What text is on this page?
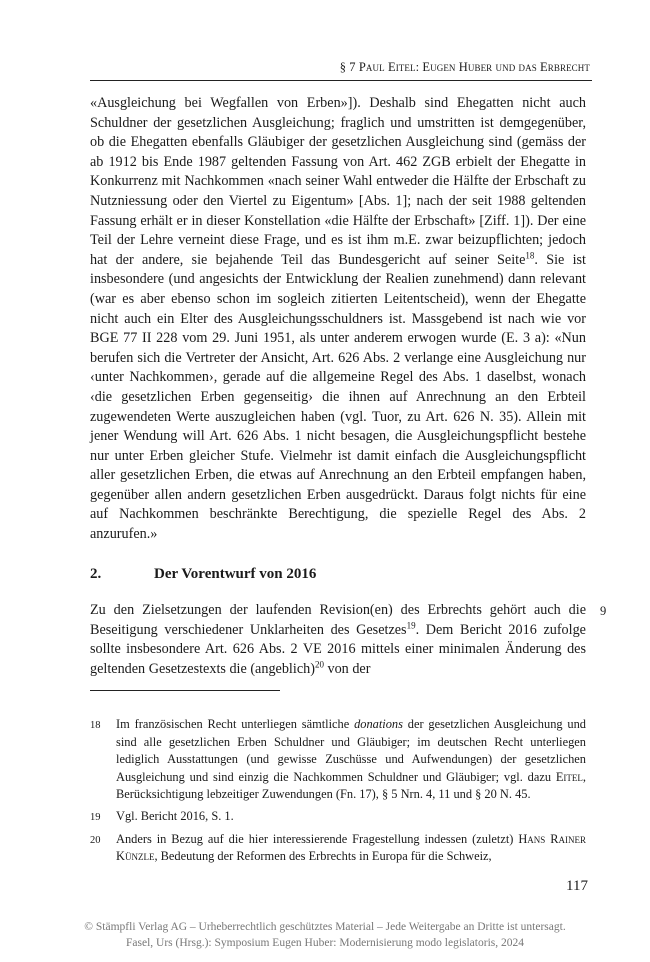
§ 7 Paul Eitel: Eugen Huber und das Erbrecht
«Ausgleichung bei Wegfallen von Erben»]). Deshalb sind Ehegatten nicht auch Schuldner der gesetzlichen Ausgleichung; fraglich und umstritten ist demgegenüber, ob die Ehegatten ebenfalls Gläubiger der gesetzlichen Ausgleichung sind (gemäss der ab 1912 bis Ende 1987 geltenden Fassung von Art. 462 ZGB erbielt der Ehegatte in Konkurrenz mit Nachkommen «nach seiner Wahl entweder die Hälfte der Erbschaft zu Nutzniessung oder den Viertel zu Eigentum» [Abs. 1]; nach der seit 1988 geltenden Fassung erhält er in dieser Konstellation «die Hälfte der Erbschaft» [Ziff. 1]). Der eine Teil der Lehre verneint diese Frage, und es ist ihm m.E. zwar beizupflichten; jedoch hat der andere, sie bejahende Teil das Bundesgericht auf seiner Seite$^{18}$. Sie ist insbesondere (und angesichts der Entwicklung der Realien zunehmend) dann relevant (war es aber ebenso schon im sogleich zitierten Leitentscheid), wenn der Ehegatte nicht auch ein Elter des Ausgleichungsschuldners ist. Massgebend ist nach wie vor BGE 77 II 228 vom 29. Juni 1951, als unter anderem erwogen wurde (E. 3 a): «Nun berufen sich die Vertreter der Ansicht, Art. 626 Abs. 2 verlange eine Ausgleichung nur ‹unter Nachkommen›, gerade auf die allgemeine Regel des Abs. 1 daselbst, wonach ‹die gesetzlichen Erben gegenseitig› die ihnen auf Anrechnung an den Erbteil zugewendeten Werte auszugleichen haben (vgl. Tuor, zu Art. 626 N. 35). Allein mit jener Wendung will Art. 626 Abs. 1 nicht besagen, die Ausgleichungspflicht bestehe nur unter Erben gleicher Stufe. Vielmehr ist damit einfach die Ausgleichungspflicht aller gesetzlichen Erben, die etwas auf Anrechnung an den Erbteil empfangen haben, gegenüber allen andern gesetzlichen Erben ausgedrückt. Daraus folgt nichts für eine auf Nachkommen beschränkte Berechtigung, die spezielle Regel des Abs. 2 anzurufen.»
2.	Der Vorentwurf von 2016
Zu den Zielsetzungen der laufenden Revision(en) des Erbrechts gehört auch die Beseitigung verschiedener Unklarheiten des Gesetzes$^{19}$. Dem Bericht 2016 zufolge sollte insbesondere Art. 626 Abs. 2 VE 2016 mittels einer minimalen Änderung des geltenden Gesetzestexts die (angeblich)$^{20}$ von der
9
18	Im französischen Recht unterliegen sämtliche donations der gesetzlichen Ausgleichung und sind alle gesetzlichen Erben Schuldner und Gläubiger; im deutschen Recht unterliegen lediglich Ausstattungen (und gewisse Zuschüsse und Aufwendungen) der gesetzlichen Ausgleichung und sind einzig die Nachkommen Schuldner und Gläubiger; vgl. dazu Eitel, Berücksichtigung lebzeitiger Zuwendungen (Fn. 17), § 5 Nrn. 4, 11 und § 20 N. 45.
19	Vgl. Bericht 2016, S. 1.
20	Anders in Bezug auf die hier interessierende Fragestellung indessen (zuletzt) Hans Rainer Künzle, Bedeutung der Reformen des Erbrechts in Europa für die Schweiz,
117
© Stämpfli Verlag AG – Urheberrechtlich geschütztes Material – Jede Weitergabe an Dritte ist untersagt.
Fasel, Urs (Hrsg.): Symposium Eugen Huber: Modernisierung modo legislatoris, 2024
